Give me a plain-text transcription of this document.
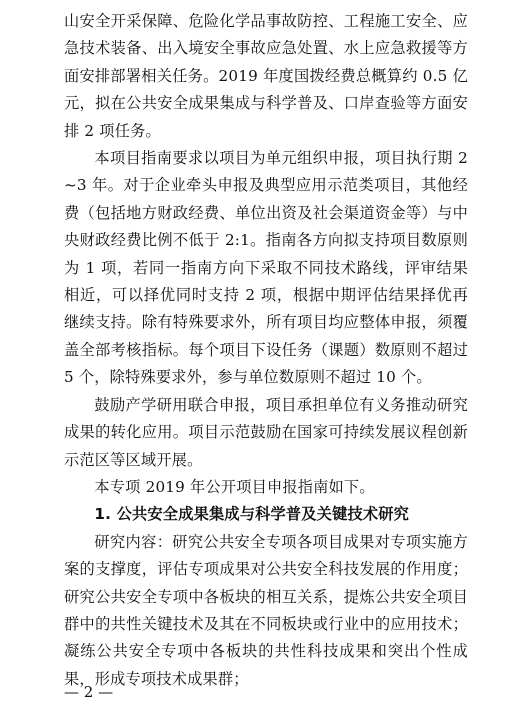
山安全开采保障、危险化学品事故防控、工程施工安全、应急技术装备、出入境安全事故应急处置、水上应急救援等方面安排部署相关任务。2019 年度国拨经费总概算约 0.5 亿元，拟在公共安全成果集成与科学普及、口岸查验等方面安排 2 项任务。

本项目指南要求以项目为单元组织申报，项目执行期 2~3 年。对于企业牵头申报及典型应用示范类项目，其他经费（包括地方财政经费、单位出资及社会渠道资金等）与中央财政经费比例不低于 2:1。指南各方向拟支持项目数原则为 1 项，若同一指南方向下采取不同技术路线，评审结果相近，可以择优同时支持 2 项，根据中期评估结果择优再继续支持。除有特殊要求外，所有项目均应整体申报，须覆盖全部考核指标。每个项目下设任务（课题）数原则不超过 5 个，除特殊要求外，参与单位数原则不超过 10 个。

鼓励产学研用联合申报，项目承担单位有义务推动研究成果的转化应用。项目示范鼓励在国家可持续发展议程创新示范区等区域开展。

本专项 2019 年公开项目申报指南如下。

1. 公共安全成果集成与科学普及关键技术研究

研究内容：研究公共安全专项各项目成果对专项实施方案的支撑度，评估专项成果对公共安全科技发展的作用度；研究公共安全专项中各板块的相互关系，提炼公共安全项目群中的共性关键技术及其在不同板块或行业中的应用技术；凝练公共安全专项中各板块的共性科技成果和突出个性成果，形成专项技术成果群；

— 2 —
